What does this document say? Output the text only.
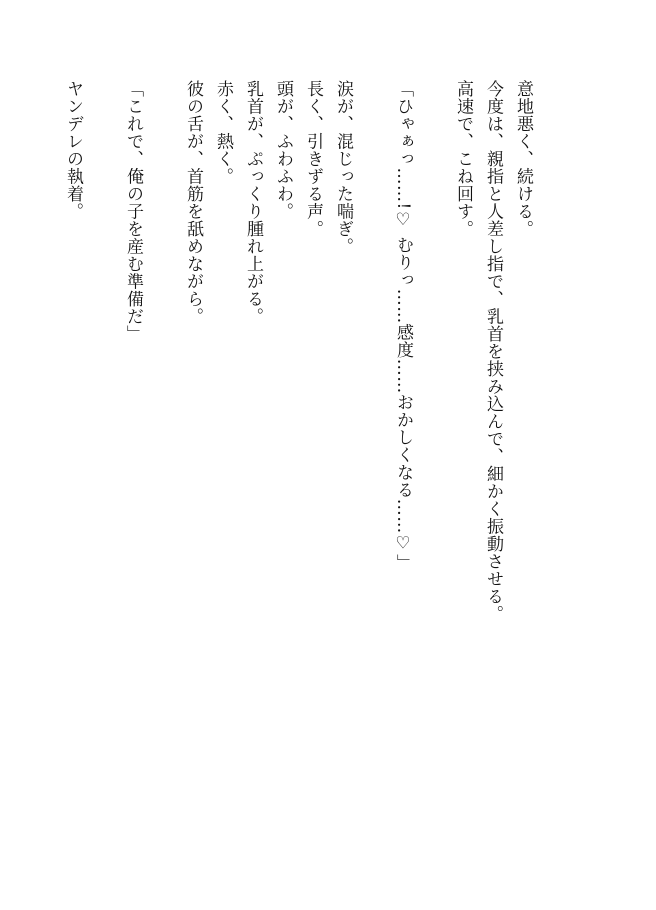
意地悪く、続ける。
今度は、親指と人差し指で、乳首を挟み込んで、細かく振動させる。
高速で、こね回す。
「ひゃぁっ……!♡ むりっ……感度……おかしくなる……♡」
涙が、混じった喘ぎ。
長く、引きずる声。
頭が、ふわふわ。
乳首が、ぷっくり腫れ上がる。
赤く、熱く。
彼の舌が、首筋を舐めながら。
「これで、俺の子を産む準備だ」
ヤンデレの執着。
